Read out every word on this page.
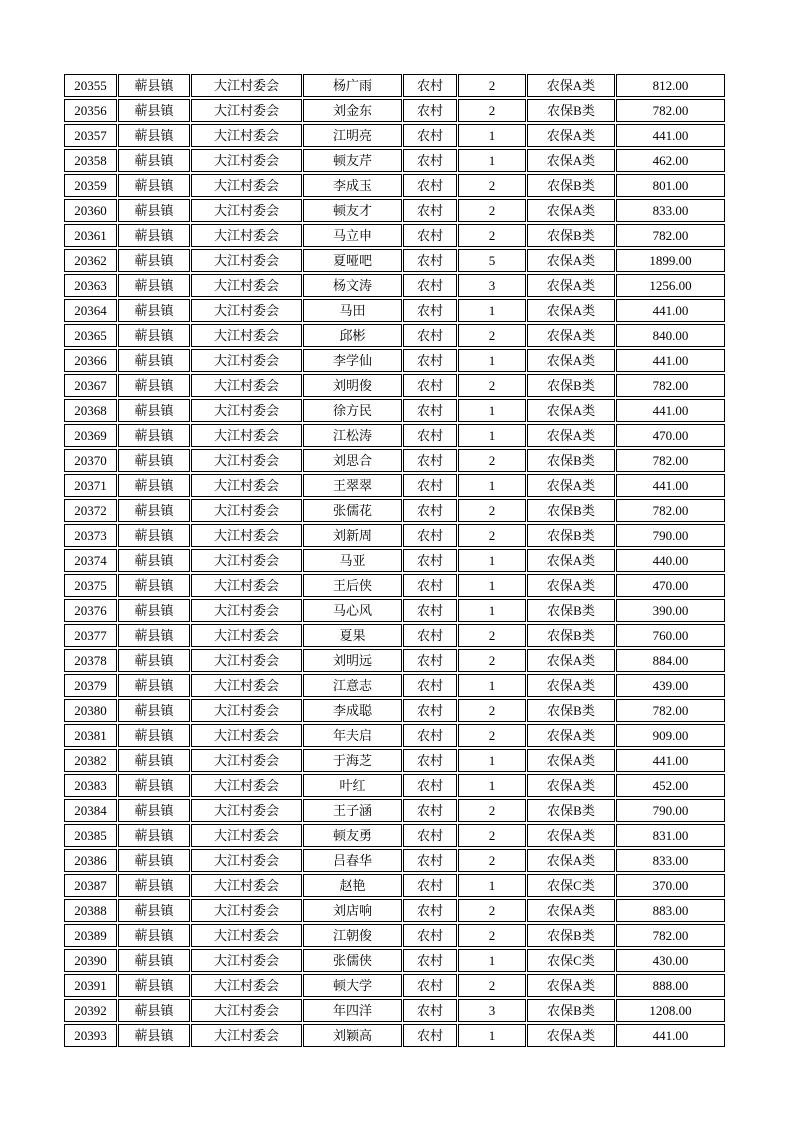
20355	蕲县镇	大江村委会	杨广雨	农村	2	农保A类	812.00
20356	蕲县镇	大江村委会	刘金东	农村	2	农保B类	782.00
20357	蕲县镇	大江村委会	江明亮	农村	1	农保A类	441.00
20358	蕲县镇	大江村委会	顿友芹	农村	1	农保A类	462.00
20359	蕲县镇	大江村委会	李成玉	农村	2	农保B类	801.00
20360	蕲县镇	大江村委会	顿友才	农村	2	农保A类	833.00
20361	蕲县镇	大江村委会	马立申	农村	2	农保B类	782.00
20362	蕲县镇	大江村委会	夏哑吧	农村	5	农保A类	1899.00
20363	蕲县镇	大江村委会	杨文涛	农村	3	农保A类	1256.00
20364	蕲县镇	大江村委会	马田	农村	1	农保A类	441.00
20365	蕲县镇	大江村委会	邱彬	农村	2	农保A类	840.00
20366	蕲县镇	大江村委会	李学仙	农村	1	农保A类	441.00
20367	蕲县镇	大江村委会	刘明俊	农村	2	农保B类	782.00
20368	蕲县镇	大江村委会	徐方民	农村	1	农保A类	441.00
20369	蕲县镇	大江村委会	江松涛	农村	1	农保A类	470.00
20370	蕲县镇	大江村委会	刘思合	农村	2	农保B类	782.00
20371	蕲县镇	大江村委会	王翠翠	农村	1	农保A类	441.00
20372	蕲县镇	大江村委会	张儒花	农村	2	农保B类	782.00
20373	蕲县镇	大江村委会	刘新周	农村	2	农保B类	790.00
20374	蕲县镇	大江村委会	马亚	农村	1	农保A类	440.00
20375	蕲县镇	大江村委会	王后侠	农村	1	农保A类	470.00
20376	蕲县镇	大江村委会	马心风	农村	1	农保B类	390.00
20377	蕲县镇	大江村委会	夏果	农村	2	农保B类	760.00
20378	蕲县镇	大江村委会	刘明远	农村	2	农保A类	884.00
20379	蕲县镇	大江村委会	江意志	农村	1	农保A类	439.00
20380	蕲县镇	大江村委会	李成聪	农村	2	农保B类	782.00
20381	蕲县镇	大江村委会	年夫启	农村	2	农保A类	909.00
20382	蕲县镇	大江村委会	于海芝	农村	1	农保A类	441.00
20383	蕲县镇	大江村委会	叶红	农村	1	农保A类	452.00
20384	蕲县镇	大江村委会	王子涵	农村	2	农保B类	790.00
20385	蕲县镇	大江村委会	顿友勇	农村	2	农保A类	831.00
20386	蕲县镇	大江村委会	吕春华	农村	2	农保A类	833.00
20387	蕲县镇	大江村委会	赵艳	农村	1	农保C类	370.00
20388	蕲县镇	大江村委会	刘店响	农村	2	农保A类	883.00
20389	蕲县镇	大江村委会	江朝俊	农村	2	农保B类	782.00
20390	蕲县镇	大江村委会	张儒侠	农村	1	农保C类	430.00
20391	蕲县镇	大江村委会	顿大学	农村	2	农保A类	888.00
20392	蕲县镇	大江村委会	年四洋	农村	3	农保B类	1208.00
20393	蕲县镇	大江村委会	刘颖高	农村	1	农保A类	441.00
